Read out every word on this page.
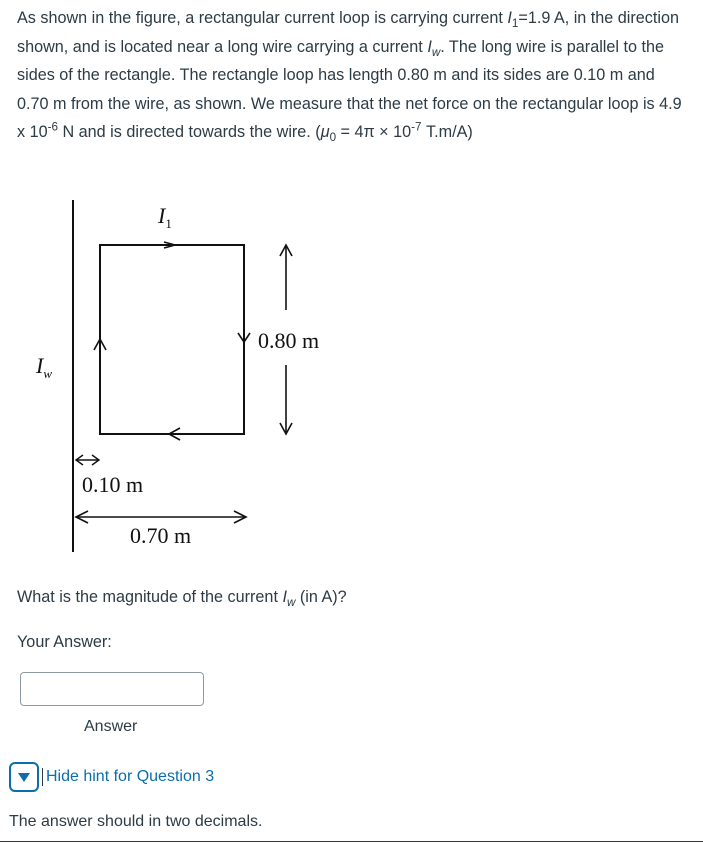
As shown in the figure, a rectangular current loop is carrying current $I_1=1.9$ A, in the direction shown, and is located near a long wire carrying a current $I_w$. The long wire is parallel to the sides of the rectangle. The rectangle loop has length 0.80 m and its sides are 0.10 m and 0.70 m from the wire, as shown. We measure that the net force on the rectangular loop is 4.9 x $10^{-6}$ N and is directed towards the wire. ($\mu_0 = 4\pi \times 10^{-7}$ T.m/A)
$I_1$
$I_w$
0.80 m
0.10 m
0.70 m
What is the magnitude of the current $I_w$ (in A)?
Your Answer:
Answer
Hide hint for Question 3
The answer should in two decimals.
